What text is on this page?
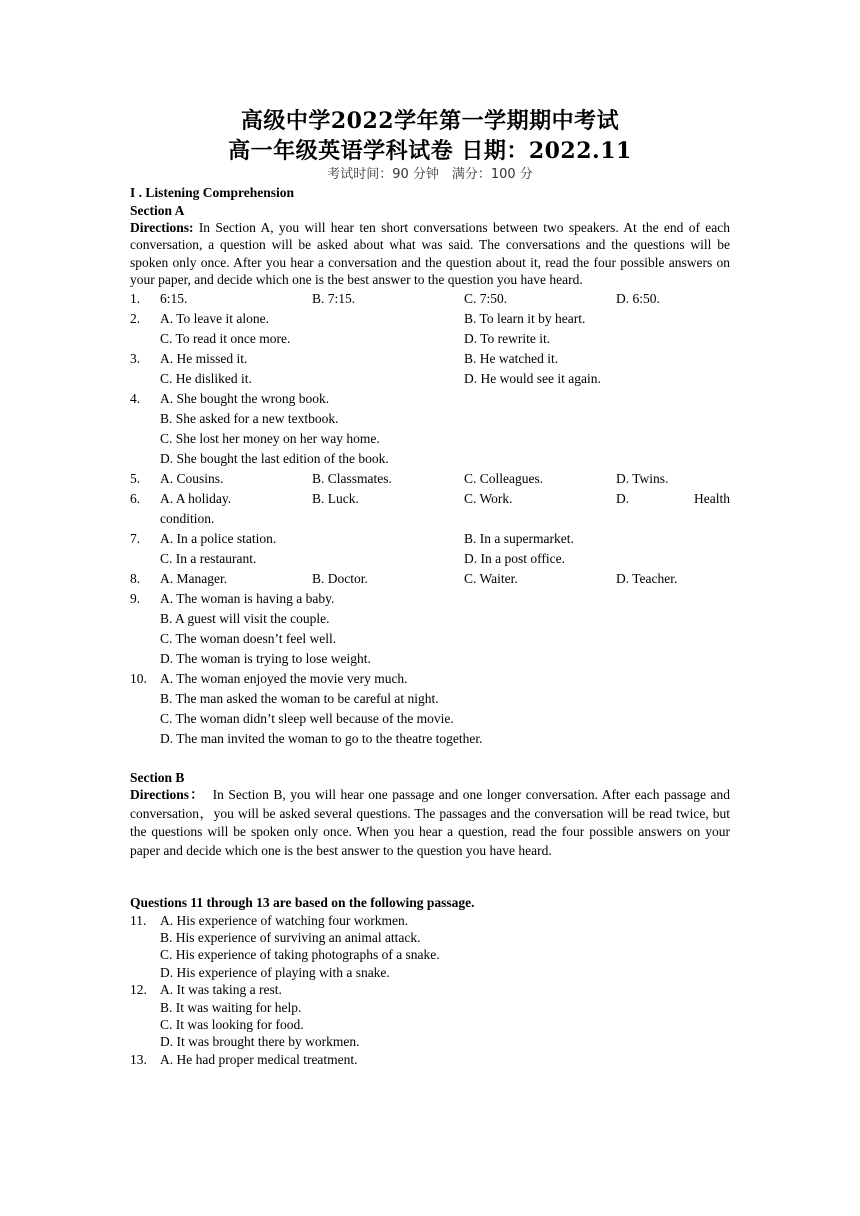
高级中学2022学年第一学期期中考试
高一年级英语学科试卷 日期：2022.11
考试时间：90 分钟　满分：100 分
I . Listening Comprehension
Section A
Directions: In Section A, you will hear ten short conversations between two speakers. At the end of each conversation, a question will be asked about what was said. The conversations and the questions will be spoken only once. After you hear a conversation and the question about it, read the four possible answers on your paper, and decide which one is the best answer to the question you have heard.
1. 6:15.	B. 7:15.	C. 7:50.	D. 6:50.
2. A. To leave it alone.	B. To learn it by heart.
C. To read it once more.	D. To rewrite it.
3. A. He missed it.	B. He watched it.
C. He disliked it.	D. He would see it again.
4. A. She bought the wrong book.
B. She asked for a new textbook.
C. She lost her money on her way home.
D. She bought the last edition of the book.
5. A. Cousins.	B. Classmates.	C. Colleagues.	D. Twins.
6. A. A holiday.	B. Luck.	C. Work.	D.	Health
condition.
7. A. In a police station.	B. In a supermarket.
C. In a restaurant.	D. In a post office.
8. A. Manager.	B. Doctor.	C. Waiter.	D. Teacher.
9. A. The woman is having a baby.
B. A guest will visit the couple.
C. The woman doesn’t feel well.
D. The woman is trying to lose weight.
10. A. The woman enjoyed the movie very much.
B. The man asked the woman to be careful at night.
C. The woman didn’t sleep well because of the movie.
D. The man invited the woman to go to the theatre together.
Section B
Directions：　In Section B, you will hear one passage and one longer conversation. After each passage and conversation，you will be asked several questions. The passages and the conversation will be read twice, but the questions will be spoken only once. When you hear a question, read the four possible answers on your paper and decide which one is the best answer to the question you have heard.
Questions 11 through 13 are based on the following passage.
11. A. His experience of watching four workmen.
B. His experience of surviving an animal attack.
C. His experience of taking photographs of a snake.
D. His experience of playing with a snake.
12. A. It was taking a rest.
B. It was waiting for help.
C. It was looking for food.
D. It was brought there by workmen.
13. A. He had proper medical treatment.
